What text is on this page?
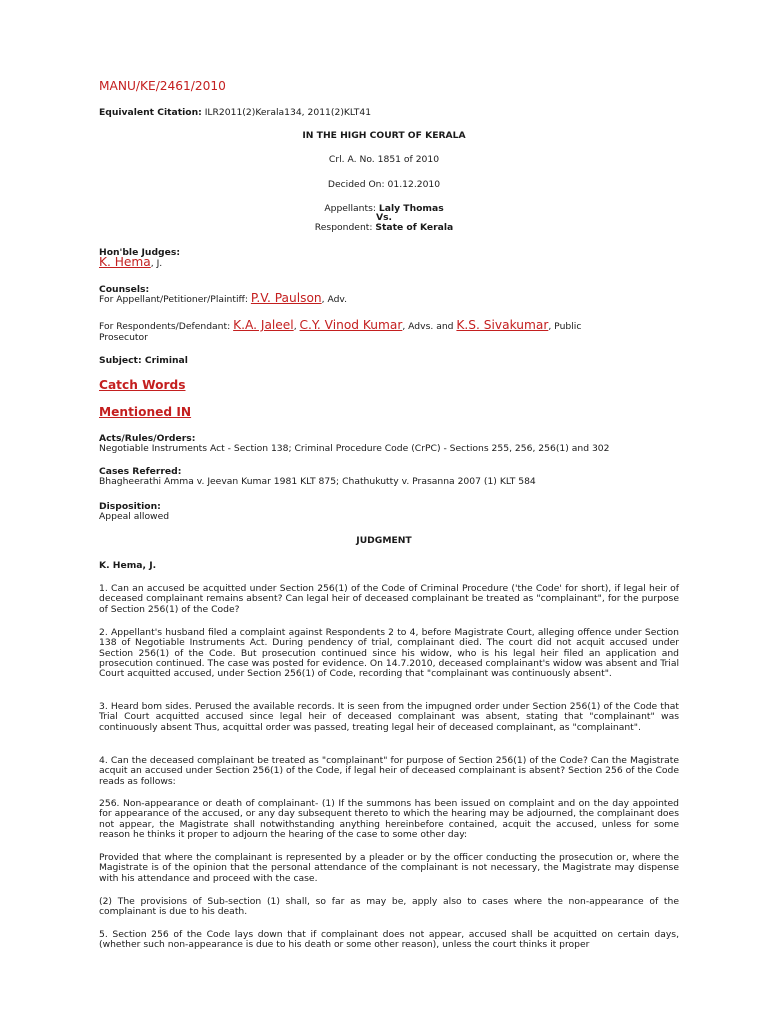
MANU/KE/2461/2010
Equivalent Citation: ILR2011(2)Kerala134, 2011(2)KLT41
IN THE HIGH COURT OF KERALA
Crl. A. No. 1851 of 2010
Decided On: 01.12.2010
Appellants: Laly Thomas
Vs.
Respondent: State of Kerala
Hon'ble Judges:
K. Hema, J.
Counsels:
For Appellant/Petitioner/Plaintiff: P.V. Paulson, Adv.
For Respondents/Defendant: K.A. Jaleel, C.Y. Vinod Kumar, Advs. and K.S. Sivakumar, Public
Prosecutor
Subject: Criminal
Catch Words
Mentioned IN
Acts/Rules/Orders:
Negotiable Instruments Act - Section 138; Criminal Procedure Code (CrPC) - Sections 255, 256, 256(1) and 302
Cases Referred:
Bhagheerathi Amma v. Jeevan Kumar 1981 KLT 875; Chathukutty v. Prasanna 2007 (1) KLT 584
Disposition:
Appeal allowed
JUDGMENT
K. Hema, J.
1. Can an accused be acquitted under Section 256(1) of the Code of Criminal Procedure ('the Code' for short), if legal heir of deceased complainant remains absent? Can legal heir of deceased complainant be treated as "complainant", for the purpose of Section 256(1) of the Code?
2. Appellant's husband filed a complaint against Respondents 2 to 4, before Magistrate Court, alleging offence under Section 138 of Negotiable Instruments Act. During pendency of trial, complainant died. The court did not acquit accused under Section 256(1) of the Code. But prosecution continued since his widow, who is his legal heir filed an application and prosecution continued. The case was posted for evidence. On 14.7.2010, deceased complainant's widow was absent and Trial Court acquitted accused, under Section 256(1) of Code, recording that "complainant was continuously absent".
3. Heard bom sides. Perused the available records. It is seen from the impugned order under Section 256(1) of the Code that Trial Court acquitted accused since legal heir of deceased complainant was absent, stating that "complainant" was continuously absent Thus, acquittal order was passed, treating legal heir of deceased complainant, as "complainant".
4. Can the deceased complainant be treated as "complainant" for purpose of Section 256(1) of the Code? Can the Magistrate acquit an accused under Section 256(1) of the Code, if legal heir of deceased complainant is absent? Section 256 of the Code reads as follows:
256. Non-appearance or death of complainant- (1) If the summons has been issued on complaint and on the day appointed for appearance of the accused, or any day subsequent thereto to which the hearing may be adjourned, the complainant does not appear, the Magistrate shall notwithstanding anything hereinbefore contained, acquit the accused, unless for some reason he thinks it proper to adjourn the hearing of the case to some other day:
Provided that where the complainant is represented by a pleader or by the officer conducting the prosecution or, where the Magistrate is of the opinion that the personal attendance of the complainant is not necessary, the Magistrate may dispense with his attendance and proceed with the case.
(2) The provisions of Sub-section (1) shall, so far as may be, apply also to cases where the non-appearance of the complainant is due to his death.
5. Section 256 of the Code lays down that if complainant does not appear, accused shall be acquitted on certain days, (whether such non-appearance is due to his death or some other reason), unless the court thinks it proper
